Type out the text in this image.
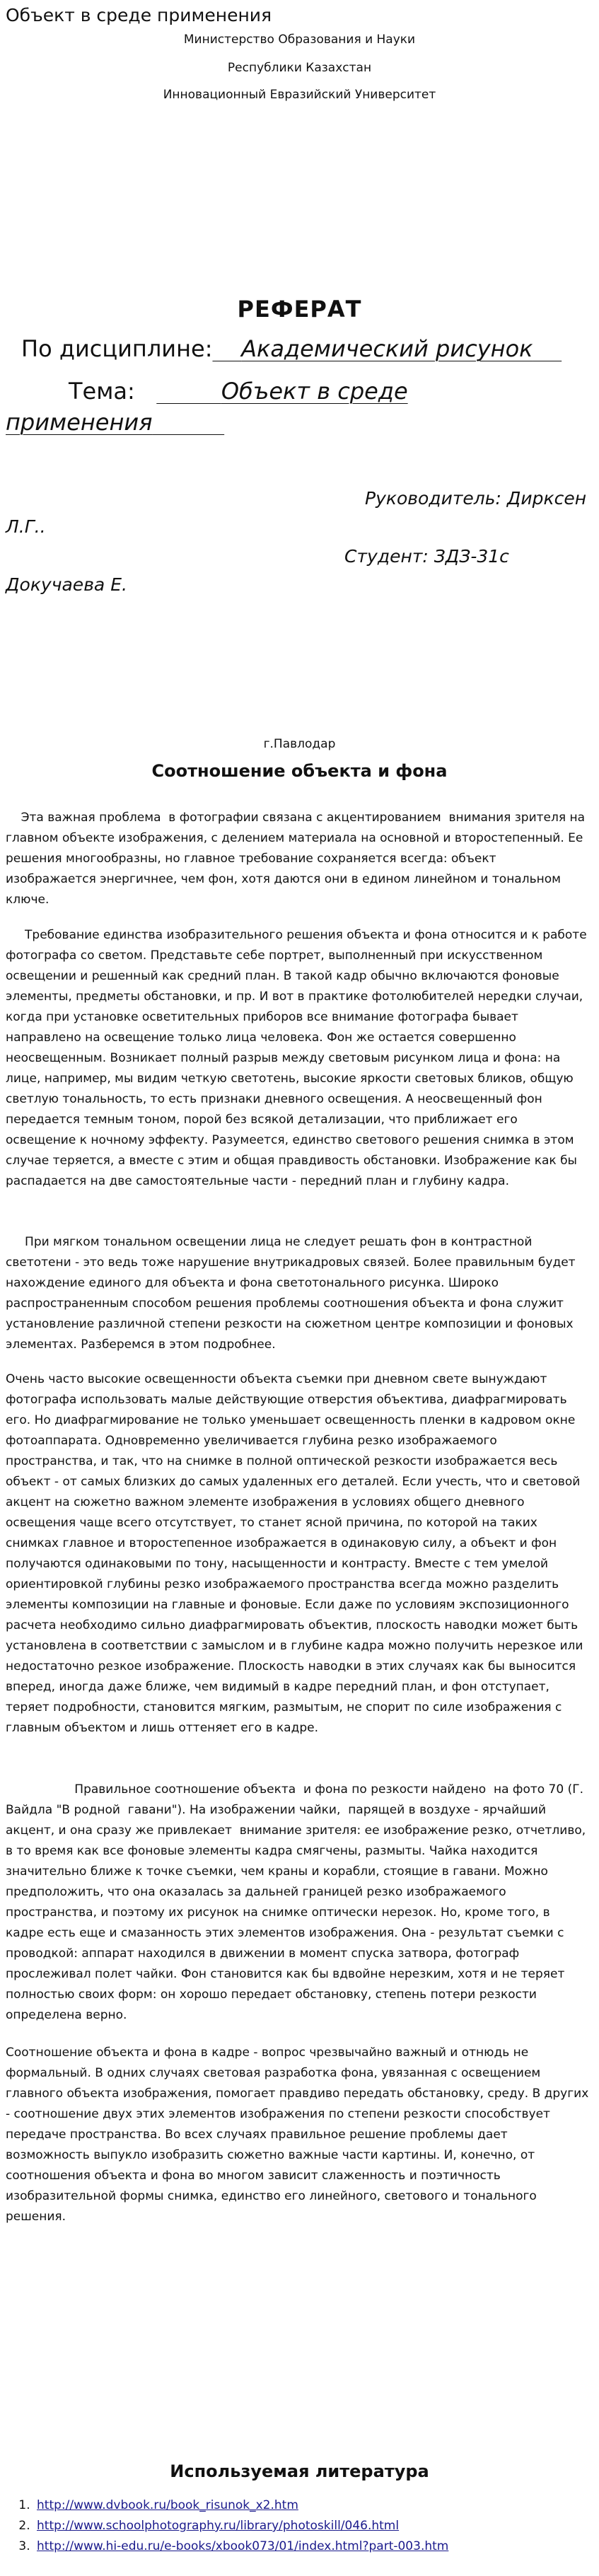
Объект в среде применения
Министерство Образования и Науки
Республики Казахстан
Инновационный Евразийский Университет
РЕФЕРАТ
По дисциплине: Академический рисунок
Тема:	Объект в среде
применения
Руководитель: Дирксен
Л.Г..
Студент: ЗДЗ-31с
Докучаева Е.
г.Павлодар
Соотношение объекта и фона

Эта важная проблема  в фотографии связана с акцентированием  внимания зрителя на главном объекте изображения, с делением материала на основной и второстепенный. Ее решения многообразны, но главное требование сохраняется всегда: объект изображается энергичнее, чем фон, хотя даются они в едином линейном и тональном ключе.

Требование единства изобразительного решения объекта и фона относится и к работе фотографа со светом. Представьте себе портрет, выполненный при искусственном освещении и решенный как средний план. В такой кадр обычно включаются фоновые элементы, предметы обстановки, и пр. И вот в практике фотолюбителей нередки случаи, когда при установке осветительных приборов все внимание фотографа бывает направлено на освещение только лица человека. Фон же остается совершенно неосвещенным. Возникает полный разрыв между световым рисунком лица и фона: на лице, например, мы видим четкую светотень, высокие яркости световых бликов, общую светлую тональность, то есть признаки дневного освещения. А неосвещенный фон передается темным тоном, порой без всякой детализации, что приближает его освещение к ночному эффекту. Разумеется, единство светового решения снимка в этом случае теряется, а вместе с этим и общая правдивость обстановки. Изображение как бы распадается на две самостоятельные части - передний план и глубину кадра.

При мягком тональном освещении лица не следует решать фон в контрастной светотени - это ведь тоже нарушение внутрикадровых связей. Более правильным будет нахождение единого для объекта и фона светотонального рисунка. Широко распространенным способом решения проблемы соотношения объекта и фона служит установление различной степени резкости на сюжетном центре композиции и фоновых элементах. Разберемся в этом подробнее.

Очень часто высокие освещенности объекта съемки при дневном свете вынуждают фотографа использовать малые действующие отверстия объектива, диафрагмировать его. Но диафрагмирование не только уменьшает освещенность пленки в кадровом окне фотоаппарата. Одновременно увеличивается глубина резко изображаемого пространства, и так, что на снимке в полной оптической резкости изображается весь объект - от самых близких до самых удаленных его деталей. Если учесть, что и световой акцент на сюжетно важном элементе изображения в условиях общего дневного освещения чаще всего отсутствует, то станет ясной причина, по которой на таких снимках главное и второстепенное изображается в одинаковую силу, а объект и фон получаются одинаковыми по тону, насыщенности и контрасту. Вместе с тем умелой ориентировкой глубины резко изображаемого пространства всегда можно разделить элементы композиции на главные и фоновые. Если даже по условиям экспозиционного расчета необходимо сильно диафрагмировать объектив, плоскость наводки может быть установлена в соответствии с замыслом и в глубине кадра можно получить нерезкое или недостаточно резкое изображение. Плоскость наводки в этих случаях как бы выносится вперед, иногда даже ближе, чем видимый в кадре передний план, и фон отступает, теряет подробности, становится мягким, размытым, не спорит по силе изображения с главным объектом и лишь оттеняет его в кадре.

Правильное соотношение объекта  и фона по резкости найдено  на фото 70 (Г. Вайдла "В родной  гавани"). На изображении чайки,  парящей в воздухе - ярчайший  акцент, и она сразу же привлекает  внимание зрителя: ее изображение резко, отчетливо, в то время как все фоновые элементы кадра смягчены, размыты. Чайка находится значительно ближе к точке съемки, чем краны и корабли, стоящие в гавани. Можно предположить, что она оказалась за дальней границей резко изображаемого пространства, и поэтому их рисунок на снимке оптически нерезок. Но, кроме того, в кадре есть еще и смазанность этих элементов изображения. Она - результат съемки с проводкой: аппарат находился в движении в момент спуска затвора, фотограф прослеживал полет чайки. Фон становится как бы вдвойне нерезким, хотя и не теряет полностью своих форм: он хорошо передает обстановку, степень потери резкости определена верно.

Соотношение объекта и фона в кадре - вопрос чрезвычайно важный и отнюдь не формальный. В одних случаях световая разработка фона, увязанная с освещением главного объекта изображения, помогает правдиво передать обстановку, среду. В других - соотношение двух этих элементов изображения по степени резкости способствует передаче пространства. Во всех случаях правильное решение проблемы дает возможность выпукло изобразить сюжетно важные части картины. И, конечно, от соотношения объекта и фона во многом зависит слаженность и поэтичность изобразительной формы снимка, единство его линейного, светового и тонального решения.

Используемая литература
1. http://www.dvbook.ru/book_risunok_x2.htm
2. http://www.schoolphotography.ru/library/photoskill/046.html
3. http://www.hi-edu.ru/e-books/xbook073/01/index.html?part-003.htm
